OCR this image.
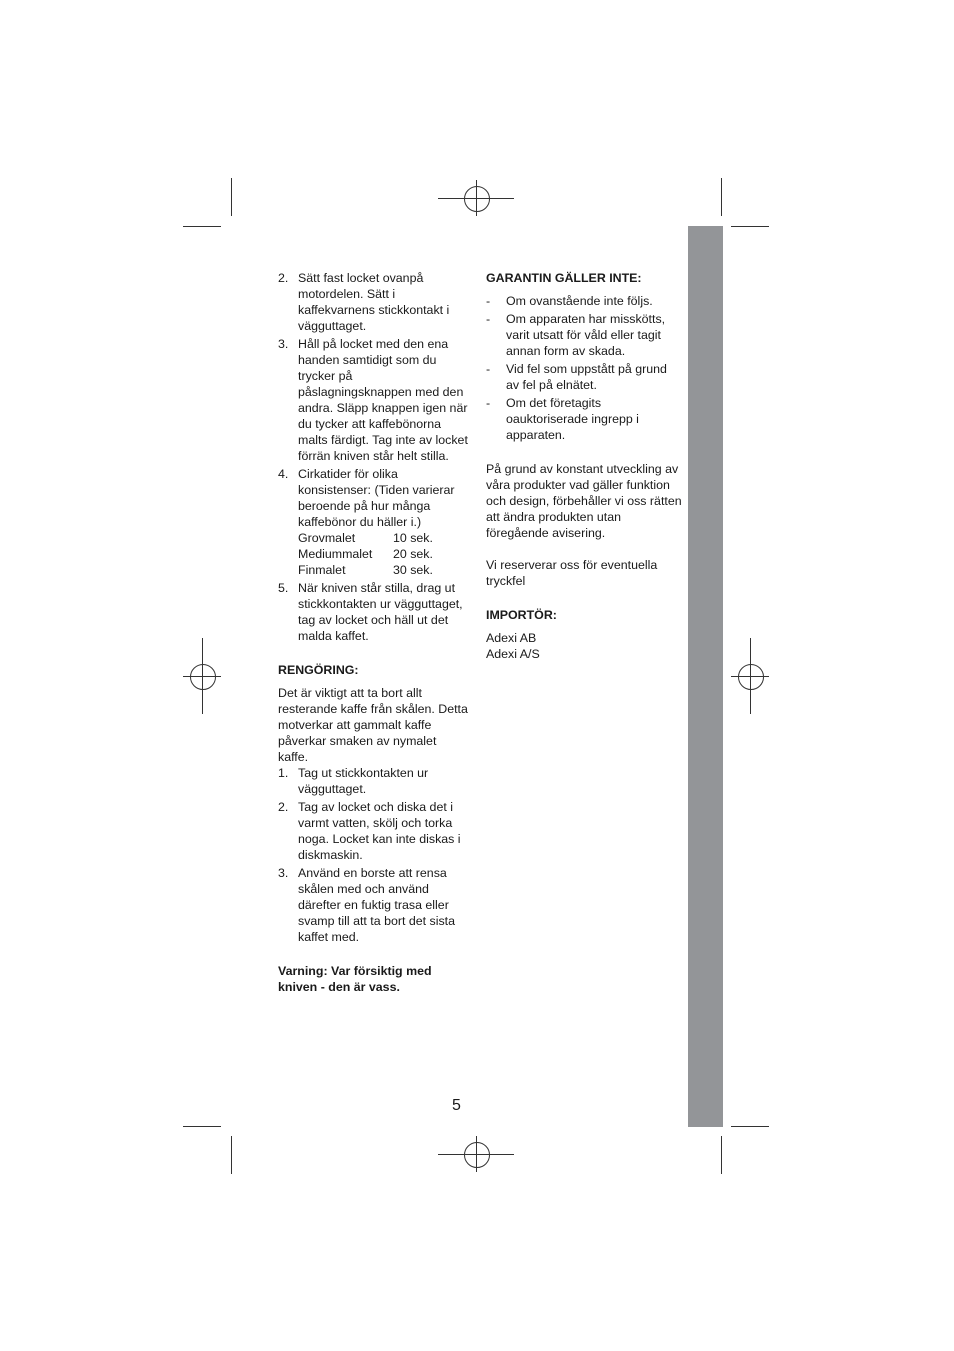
2. Sätt fast locket ovanpå motordelen. Sätt i kaffekvarnens stickkontakt i vägguttaget.
3. Håll på locket med den ena handen samtidigt som du trycker på påslagningsknappen med den andra. Släpp knappen igen när du tycker att kaffebönorna malts färdigt. Tag inte av locket förrän kniven står helt stilla.
4. Cirkatider för olika konsistenser: (Tiden varierar beroende på hur många kaffebönor du häller i.)
Grovmalet	10 sek.
Mediummalet	20 sek.
Finmalet	30 sek.
5. När kniven står stilla, drag ut stickkontakten ur vägguttaget, tag av locket och häll ut det malda kaffet.

RENGÖRING:

Det är viktigt att ta bort allt resterande kaffe från skålen. Detta motverkar att gammalt kaffe påverkar smaken av nymalet kaffe.

1. Tag ut stickkontakten ur vägguttaget.
2. Tag av locket och diska det i varmt vatten, skölj och torka noga. Locket kan inte diskas i diskmaskin.
3. Använd en borste att rensa skålen med och använd därefter en fuktig trasa eller svamp till att ta bort det sista kaffet med.

Varning: Var försiktig med kniven - den är vass.

GARANTIN GÄLLER INTE:

- Om ovanstående inte följs.
- Om apparaten har misskötts, varit utsatt för våld eller tagit annan form av skada.
- Vid fel som uppstått på grund av fel på elnätet.
- Om det företagits oauktoriserade ingrepp i apparaten.

På grund av konstant utveckling av våra produkter vad gäller funktion och design, förbehåller vi oss rätten att ändra produkten utan föregående avisering.

Vi reserverar oss för eventuella tryckfel

IMPORTÖR:

Adexi AB

Adexi A/S

5
